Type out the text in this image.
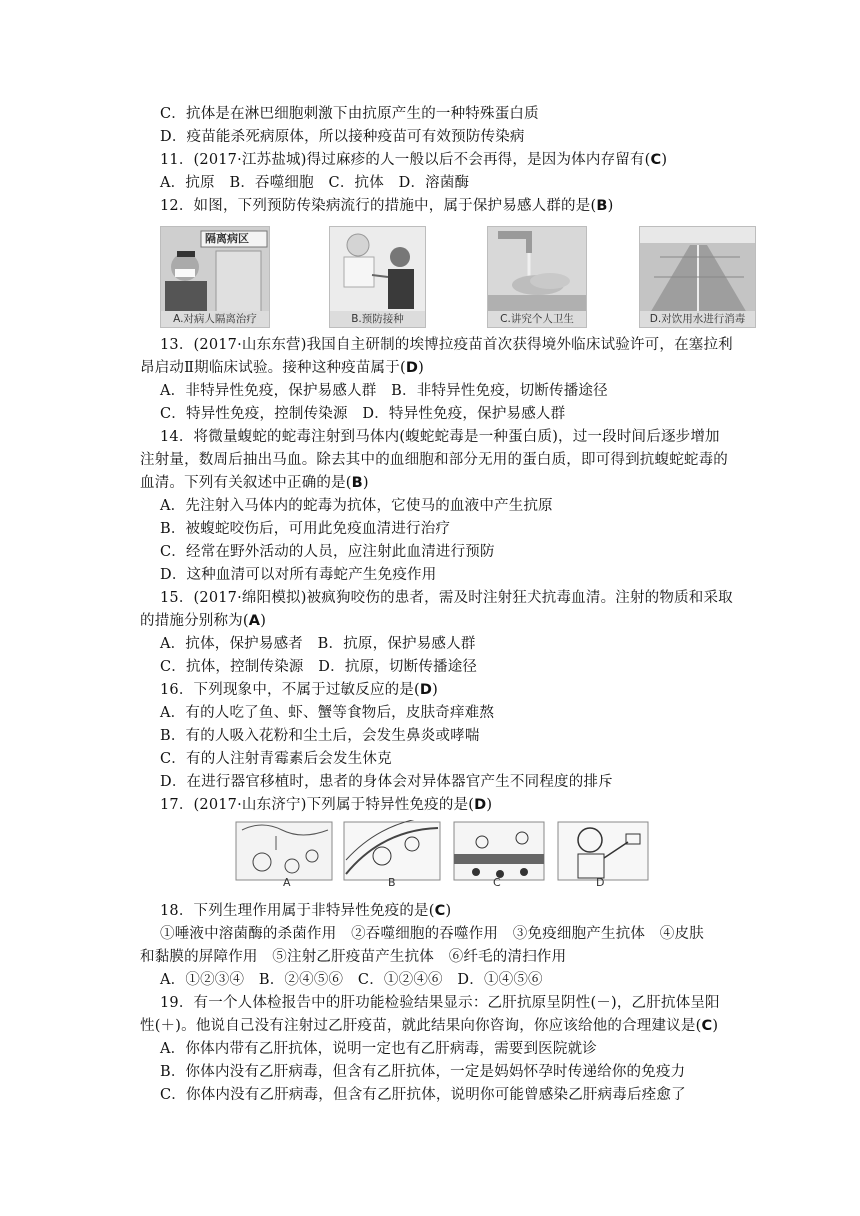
C．抗体是在淋巴细胞刺激下由抗原产生的一种特殊蛋白质
D．疫苗能杀死病原体，所以接种疫苗可有效预防传染病
11．(2017·江苏盐城)得过麻疹的人一般以后不会再得，是因为体内存留有(C)
A．抗原　B．吞噬细胞　C．抗体　D．溶菌酶
12．如图，下列预防传染病流行的措施中，属于保护易感人群的是(B)
隔离病区
A.对病人隔离治疗	B.预防接种	C.讲究个人卫生	D.对饮用水进行消毒
13．(2017·山东东营)我国自主研制的埃博拉疫苗首次获得境外临床试验许可，在塞拉利
昂启动Ⅱ期临床试验。接种这种疫苗属于(D)
A．非特异性免疫，保护易感人群　B．非特异性免疫，切断传播途径
C．特异性免疫，控制传染源　D．特异性免疫，保护易感人群
14．将微量蝮蛇的蛇毒注射到马体内(蝮蛇蛇毒是一种蛋白质)，过一段时间后逐步增加
注射量，数周后抽出马血。除去其中的血细胞和部分无用的蛋白质，即可得到抗蝮蛇蛇毒的
血清。下列有关叙述中正确的是(B)
A．先注射入马体内的蛇毒为抗体，它使马的血液中产生抗原
B．被蝮蛇咬伤后，可用此免疫血清进行治疗
C．经常在野外活动的人员，应注射此血清进行预防
D．这种血清可以对所有毒蛇产生免疫作用
15．(2017·绵阳模拟)被疯狗咬伤的患者，需及时注射狂犬抗毒血清。注射的物质和采取
的措施分别称为(A)
A．抗体，保护易感者　B．抗原，保护易感人群
C．抗体，控制传染源　D．抗原，切断传播途径
16．下列现象中，不属于过敏反应的是(D)
A．有的人吃了鱼、虾、蟹等食物后，皮肤奇痒难熬
B．有的人吸入花粉和尘土后，会发生鼻炎或哮喘
C．有的人注射青霉素后会发生休克
D．在进行器官移植时，患者的身体会对异体器官产生不同程度的排斥
17．(2017·山东济宁)下列属于特异性免疫的是(D)
A	B	C	D
18．下列生理作用属于非特异性免疫的是(C)
①唾液中溶菌酶的杀菌作用　②吞噬细胞的吞噬作用　③免疫细胞产生抗体　④皮肤
和黏膜的屏障作用　⑤注射乙肝疫苗产生抗体　⑥纤毛的清扫作用
A．①②③④　B．②④⑤⑥　C．①②④⑥　D．①④⑤⑥
19．有一个人体检报告中的肝功能检验结果显示：乙肝抗原呈阴性(－)，乙肝抗体呈阳
性(＋)。他说自己没有注射过乙肝疫苗，就此结果向你咨询，你应该给他的合理建议是(C)
A．你体内带有乙肝抗体，说明一定也有乙肝病毒，需要到医院就诊
B．你体内没有乙肝病毒，但含有乙肝抗体，一定是妈妈怀孕时传递给你的免疫力
C．你体内没有乙肝病毒，但含有乙肝抗体，说明你可能曾感染乙肝病毒后痊愈了
